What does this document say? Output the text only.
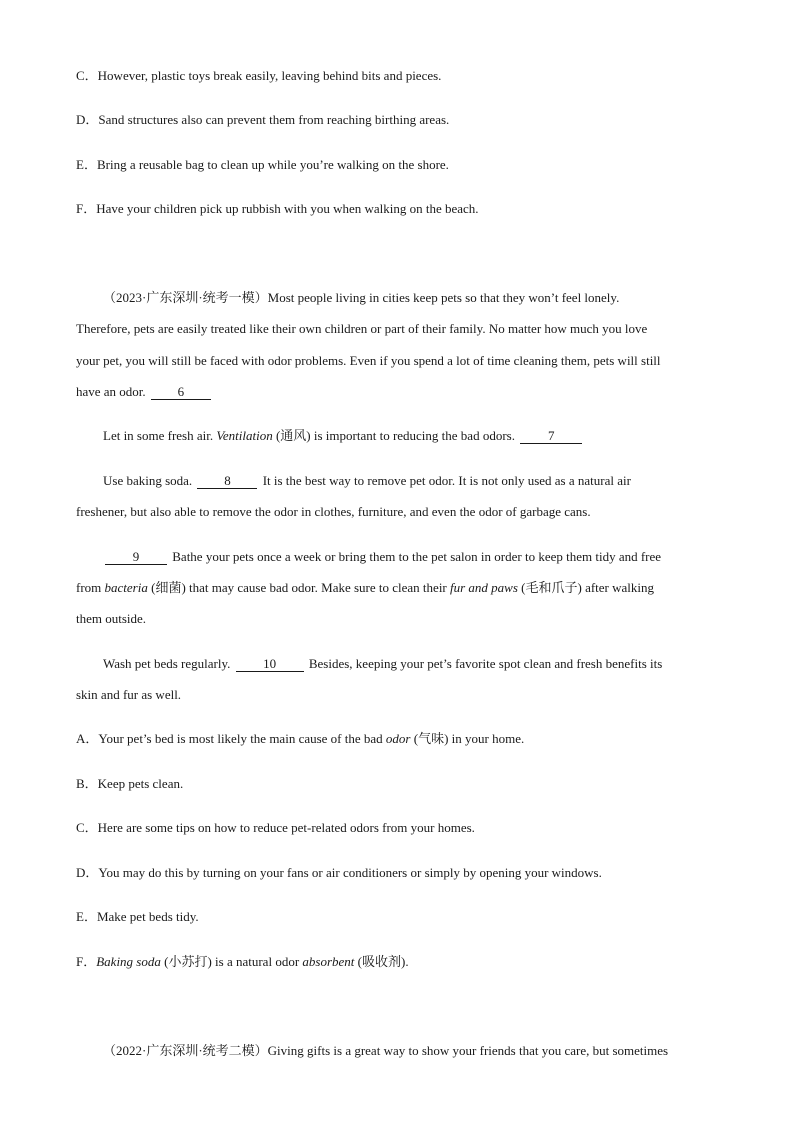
C．However, plastic toys break easily, leaving behind bits and pieces.
D．Sand structures also can prevent them from reaching birthing areas.
E．Bring a reusable bag to clean up while you’re walking on the shore.
F．Have your children pick up rubbish with you when walking on the beach.
（2023·广东深圳·统考一模）Most people living in cities keep pets so that they won’t feel lonely.
Therefore, pets are easily treated like their own children or part of their family. No matter how much you love
your pet, you will still be faced with odor problems. Even if you spend a lot of time cleaning them, pets will still
have an odor. 6
Let in some fresh air. Ventilation (通风) is important to reducing the bad odors.	7
Use baking soda. 8 It is the best way to remove pet odor. It is not only used as a natural air
freshener, but also able to remove the odor in clothes, furniture, and even the odor of garbage cans.
9	Bathe your pets once a week or bring them to the pet salon in order to keep them tidy and free
from bacteria (细菌) that may cause bad odor. Make sure to clean their fur and paws (毛和爪子) after walking
them outside.
Wash pet beds regularly.	10	Besides, keeping your pet’s favorite spot clean and fresh benefits its
skin and fur as well.
A．Your pet’s bed is most likely the main cause of the bad odor (气味) in your home.
B．Keep pets clean.
C．Here are some tips on how to reduce pet-related odors from your homes.
D．You may do this by turning on your fans or air conditioners or simply by opening your windows.
E．Make pet beds tidy.
F．Baking soda (小苏打) is a natural odor absorbent (吸收剂).
（2022·广东深圳·统考二模）Giving gifts is a great way to show your friends that you care, but sometimes
